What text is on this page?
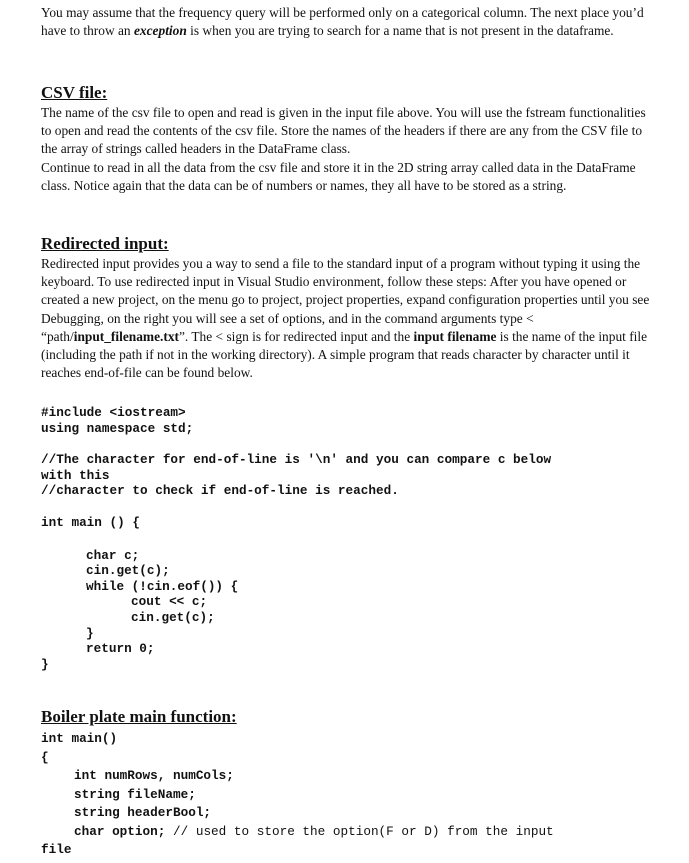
You may assume that the frequency query will be performed only on a categorical column. The next place you’d have to throw an exception is when you are trying to search for a name that is not present in the dataframe.

CSV file:

The name of the csv file to open and read is given in the input file above. You will use the fstream functionalities to open and read the contents of the csv file. Store the names of the headers if there are any from the CSV file to the array of strings called headers in the DataFrame class.

Continue to read in all the data from the csv file and store it in the 2D string array called data in the DataFrame class. Notice again that the data can be of numbers or names, they all have to be stored as a string.

Redirected input:

Redirected input provides you a way to send a file to the standard input of a program without typing it using the keyboard. To use redirected input in Visual Studio environment, follow these steps: After you have opened or created a new project, on the menu go to project, project properties, expand configuration properties until you see Debugging, on the right you will see a set of options, and in the command arguments type < “path/input_filename.txt”. The < sign is for redirected input and the input filename is the name of the input file (including the path if not in the working directory). A simple program that reads character by character until it reaches end-of-file can be found below.

#include <iostream>
using namespace std;
//The character for end-of-line is '\n' and you can compare c below
with this
//character to check if end-of-line is reached.
int main () {
char c;
cin.get(c);
while (!cin.eof()) {
cout << c;
cin.get(c);
}
return 0;
}
Boiler plate main function:
int main()
{
int numRows, numCols;
string fileName;
string headerBool;
char option; // used to store the option(F or D) from the input
file
